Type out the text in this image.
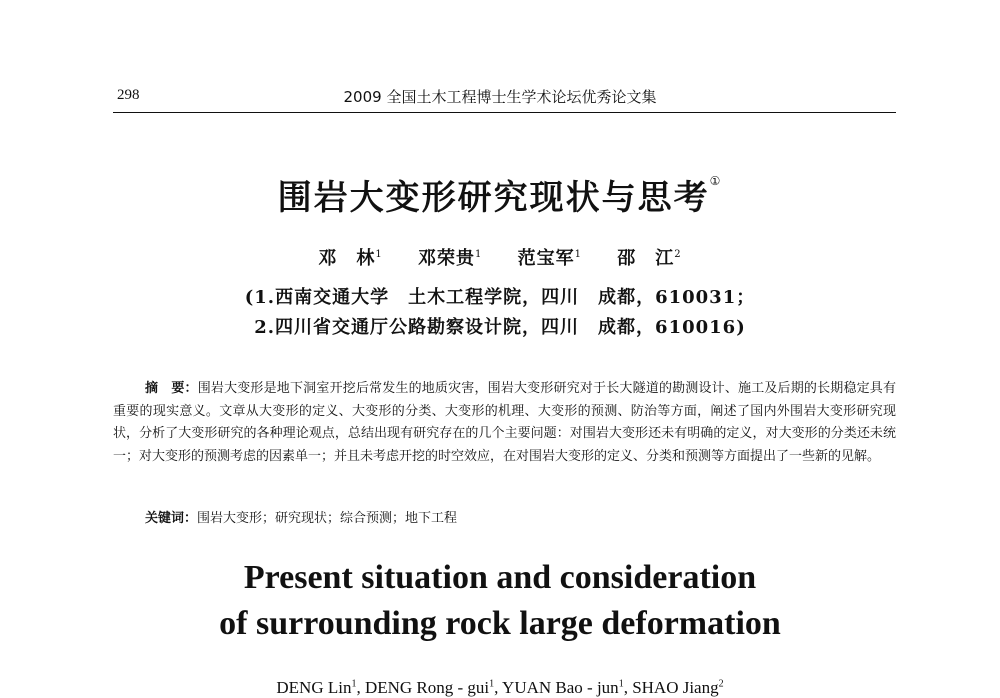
298	2009 全国土木工程博士生学术论坛优秀论文集
围岩大变形研究现状与思考①
邓　林$^1$ 邓荣贵$^1$ 范宝军$^1$ 邵　江$^2$
(1.西南交通大学　土木工程学院，四川　成都，610031；
2.四川省交通厅公路勘察设计院，四川　成都，610016)
摘　要：围岩大变形是地下洞室开挖后常发生的地质灾害，围岩大变形研究对于长大隧道的勘测设计、施工及后期的长期稳定具有重要的现实意义。文章从大变形的定义、大变形的分类、大变形的机理、大变形的预测、防治等方面，阐述了国内外围岩大变形研究现状，分析了大变形研究的各种理论观点，总结出现有研究存在的几个主要问题：对围岩大变形还未有明确的定义，对大变形的分类还未统一；对大变形的预测考虑的因素单一；并且未考虑开挖的时空效应，在对围岩大变形的定义、分类和预测等方面提出了一些新的见解。
关键词：围岩大变形；研究现状；综合预测；地下工程
Present situation and consideration
of surrounding rock large deformation
DENG Lin$^1$, DENG Rong - gui$^1$, YUAN Bao - jun$^1$, SHAO Jiang$^2$
